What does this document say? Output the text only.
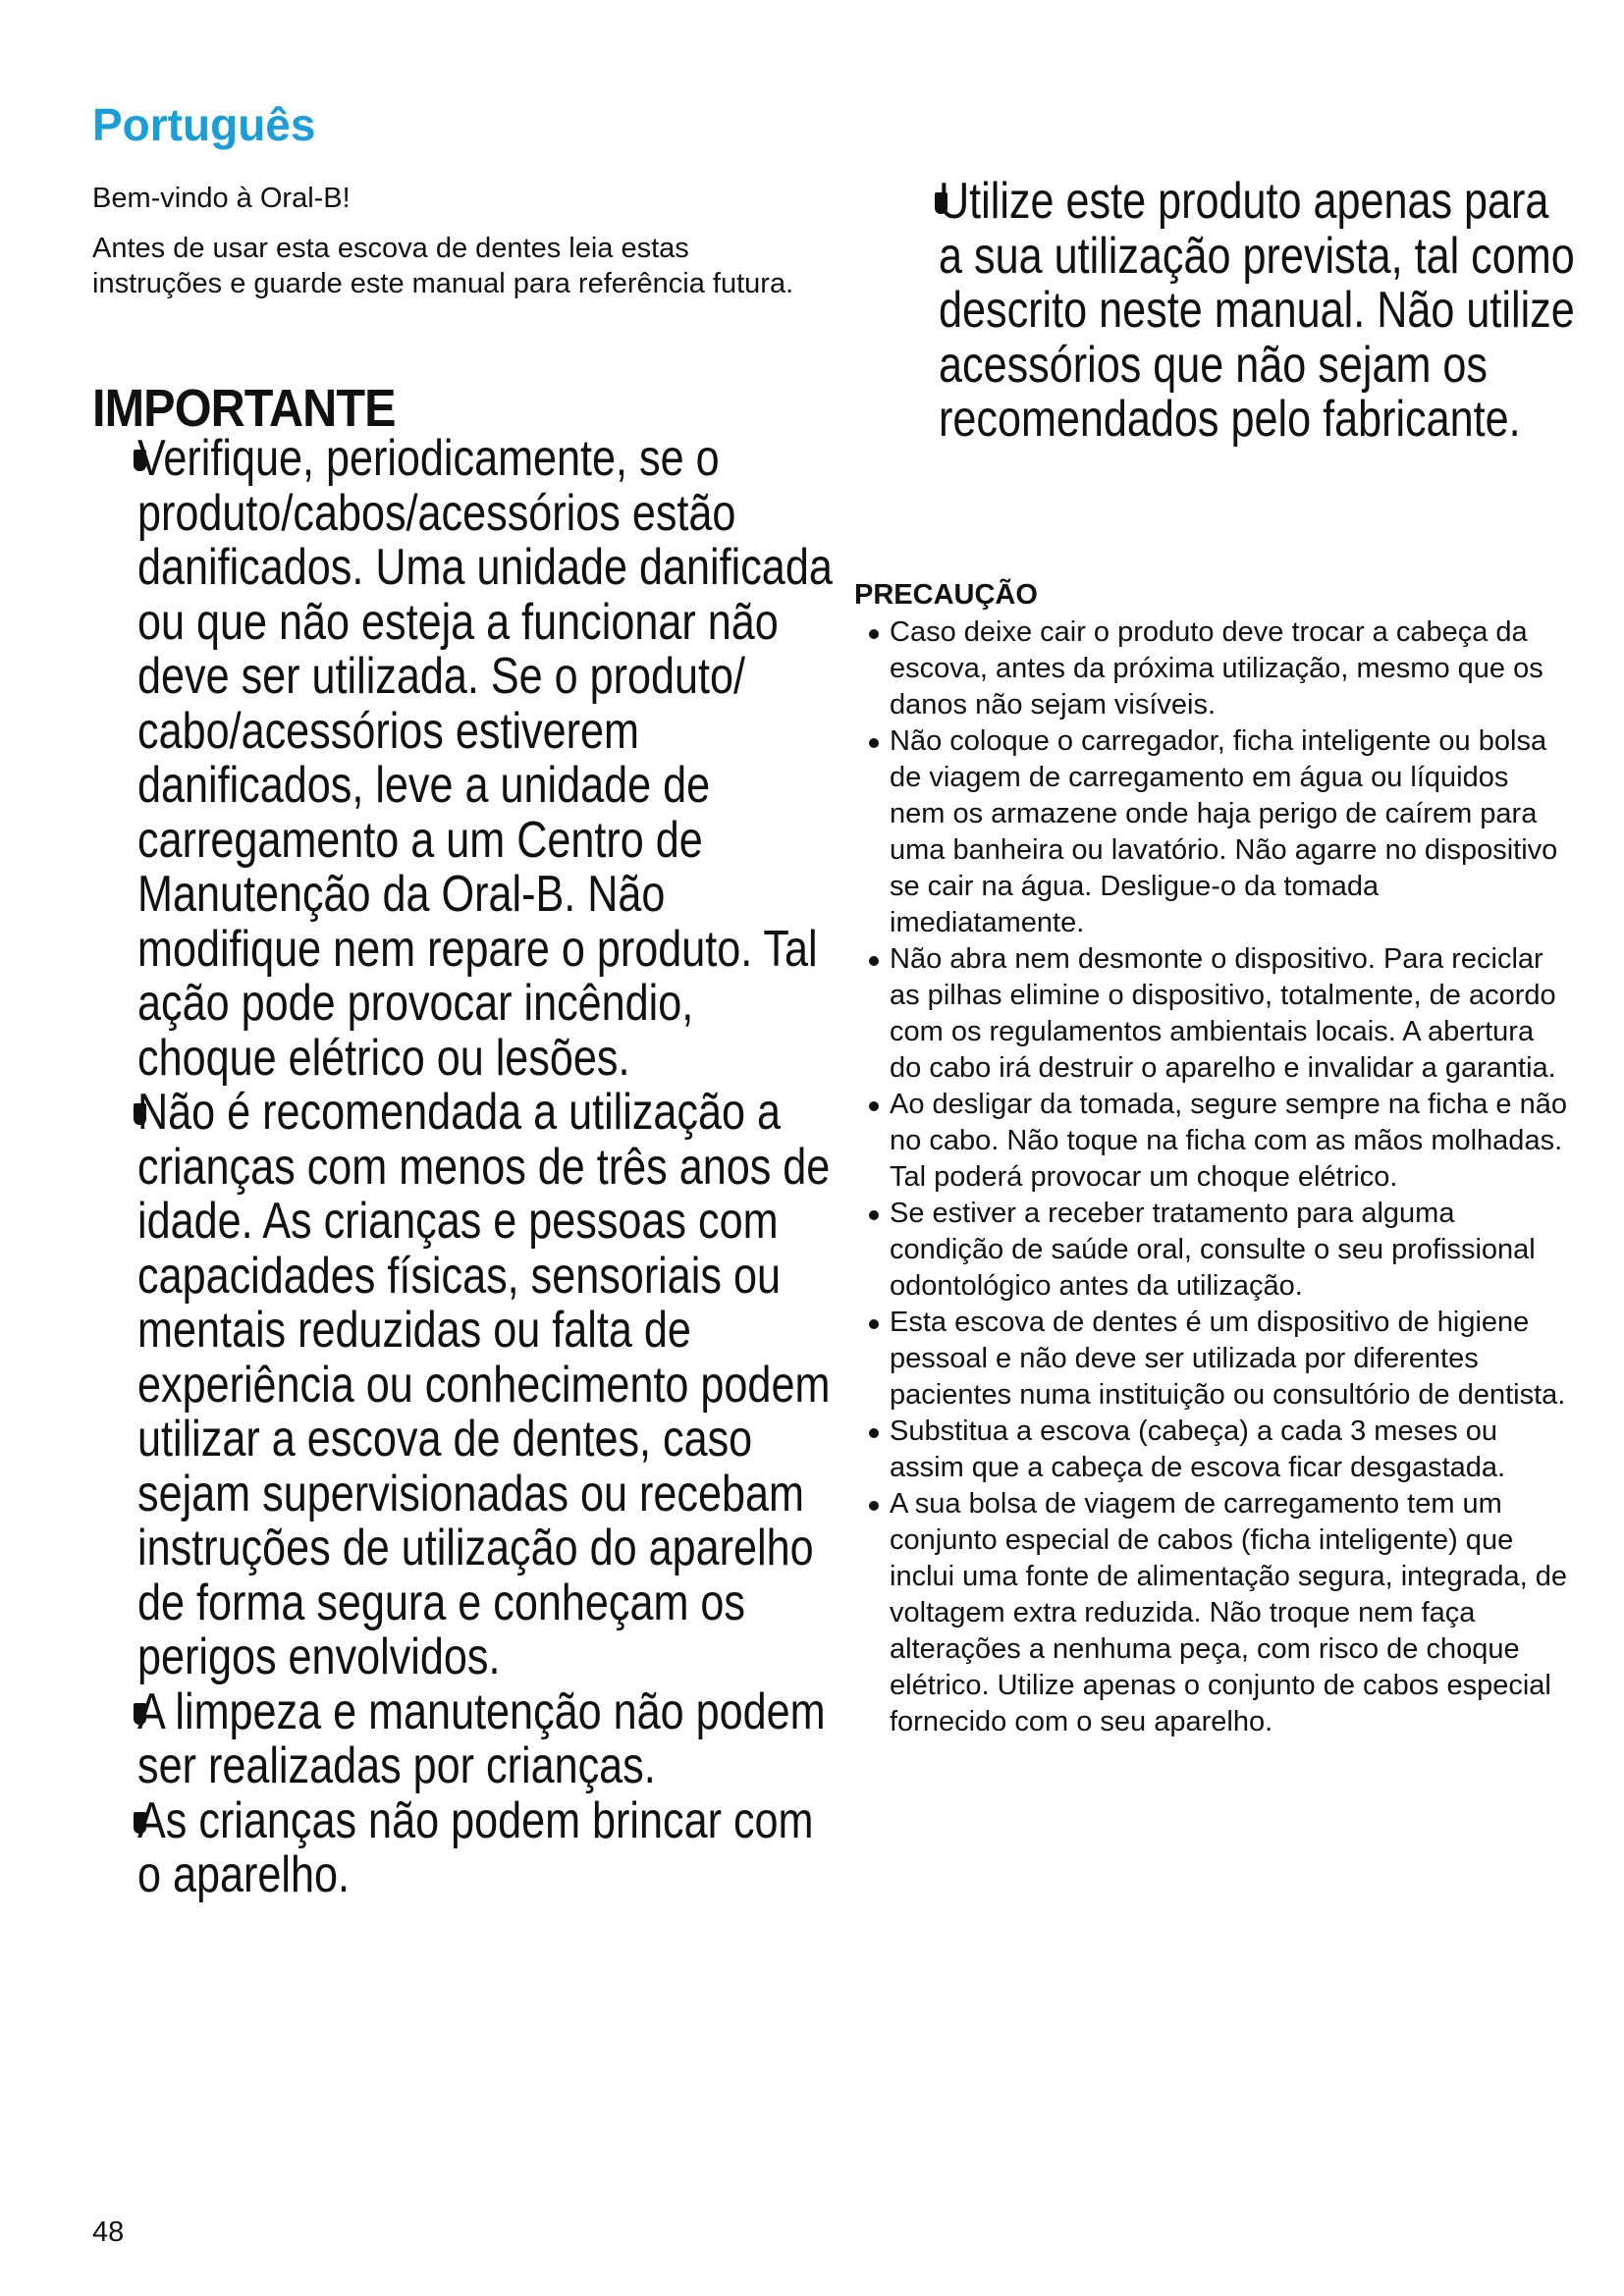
Português

Bem-vindo à Oral-B!

Antes de usar esta escova de dentes leia estas instruções e guarde este manual para referência futura.

IMPORTANTE
Verifique, periodicamente, se o produto/cabos/acessórios estão danificados. Uma unidade danificada ou que não esteja a funcionar não deve ser utilizada. Se o produto/ cabo/acessórios estiverem danificados, leve a unidade de carregamento a um Centro de Manutenção da Oral-B. Não modifique nem repare o produto. Tal ação pode provocar incêndio, choque elétrico ou lesões.
Não é recomendada a utilização a crianças com menos de três anos de idade. As crianças e pessoas com capacidades físicas, sensoriais ou mentais reduzidas ou falta de experiência ou conhecimento podem utilizar a escova de dentes, caso sejam supervisionadas ou recebam instruções de utilização do aparelho de forma segura e conheçam os perigos envolvidos.
A limpeza e manutenção não podem ser realizadas por crianças.
As crianças não podem brincar com o aparelho.
Utilize este produto apenas para a sua utilização prevista, tal como descrito neste manual. Não utilize acessórios que não sejam os recomendados pelo fabricante.
PRECAUÇÃO
Caso deixe cair o produto deve trocar a cabeça da escova, antes da próxima utilização, mesmo que os danos não sejam visíveis.
Não coloque o carregador, ficha inteligente ou bolsa de viagem de carregamento em água ou líquidos nem os armazene onde haja perigo de caírem para uma banheira ou lavatório. Não agarre no dispositivo se cair na água. Desligue-o da tomada imediatamente.
Não abra nem desmonte o dispositivo. Para reciclar as pilhas elimine o dispositivo, totalmente, de acordo com os regulamentos ambientais locais. A abertura do cabo irá destruir o aparelho e invalidar a garantia.
Ao desligar da tomada, segure sempre na ficha e não no cabo. Não toque na ficha com as mãos molhadas. Tal poderá provocar um choque elétrico.
Se estiver a receber tratamento para alguma condição de saúde oral, consulte o seu profissional odontológico antes da utilização.
Esta escova de dentes é um dispositivo de higiene pessoal e não deve ser utilizada por diferentes pacientes numa instituição ou consultório de dentista.
Substitua a escova (cabeça) a cada 3 meses ou assim que a cabeça de escova ficar desgastada.
A sua bolsa de viagem de carregamento tem um conjunto especial de cabos (ficha inteligente) que inclui uma fonte de alimentação segura, integrada, de voltagem extra reduzida. Não troque nem faça alterações a nenhuma peça, com risco de choque elétrico. Utilize apenas o conjunto de cabos especial fornecido com o seu aparelho.
48
